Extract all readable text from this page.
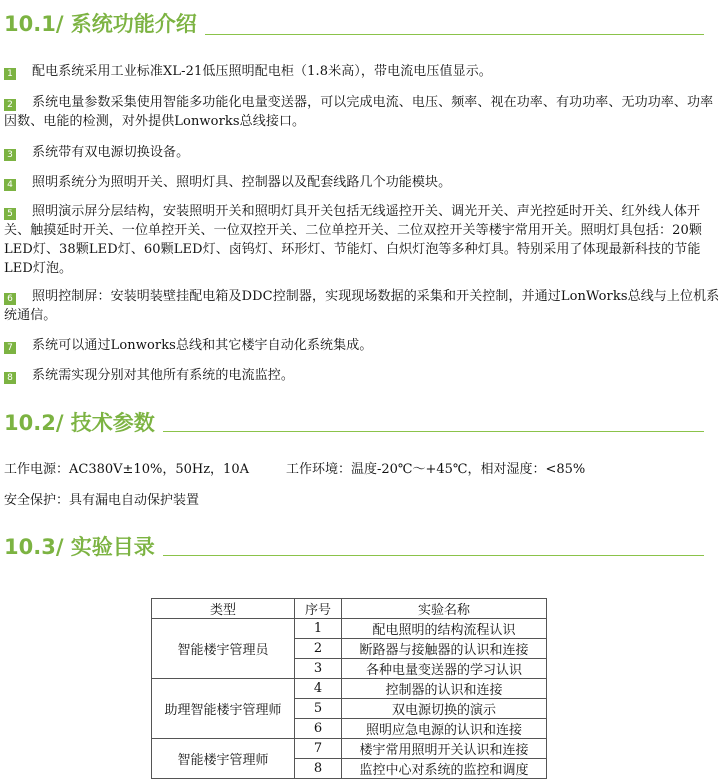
10.1/ 系统功能介绍
1 配电系统采用工业标准XL-21低压照明配电柜（1.8米高），带电流电压值显示。
2 系统电量参数采集使用智能多功能化电量变送器，可以完成电流、电压、频率、视在功率、有功功率、无功功率、功率因数、电能的检测，对外提供Lonworks总线接口。
3 系统带有双电源切换设备。
4 照明系统分为照明开关、照明灯具、控制器以及配套线路几个功能模块。
5 照明演示屏分层结构，安装照明开关和照明灯具开关包括无线遥控开关、调光开关、声光控延时开关、红外线人体开关、触摸延时开关、一位单控开关、一位双控开关、二位单控开关、二位双控开关等楼宇常用开关。照明灯具包括：20颗LED灯、38颗LED灯、60颗LED灯、卤钨灯、环形灯、节能灯、白炽灯泡等多种灯具。特别采用了体现最新科技的节能LED灯泡。
6 照明控制屏：安装明装壁挂配电箱及DDC控制器，实现现场数据的采集和开关控制，并通过LonWorks总线与上位机系统通信。
7 系统可以通过Lonworks总线和其它楼宇自动化系统集成。
8 系统需实现分别对其他所有系统的电流监控。
10.2/ 技术参数
工作电源：AC380V±10%，50Hz，10A	工作环境：温度-20℃～+45℃，相对湿度：<85%
安全保护：具有漏电自动保护装置
10.3/ 实验目录
类型	序号	实验名称
智能楼宇管理员	1	配电照明的结构流程认识
	2	断路器与接触器的认识和连接
	3	各种电量变送器的学习认识
助理智能楼宇管理师	4	控制器的认识和连接
	5	双电源切换的演示
	6	照明应急电源的认识和连接
智能楼宇管理师	7	楼宇常用照明开关认识和连接
	8	监控中心对系统的监控和调度
